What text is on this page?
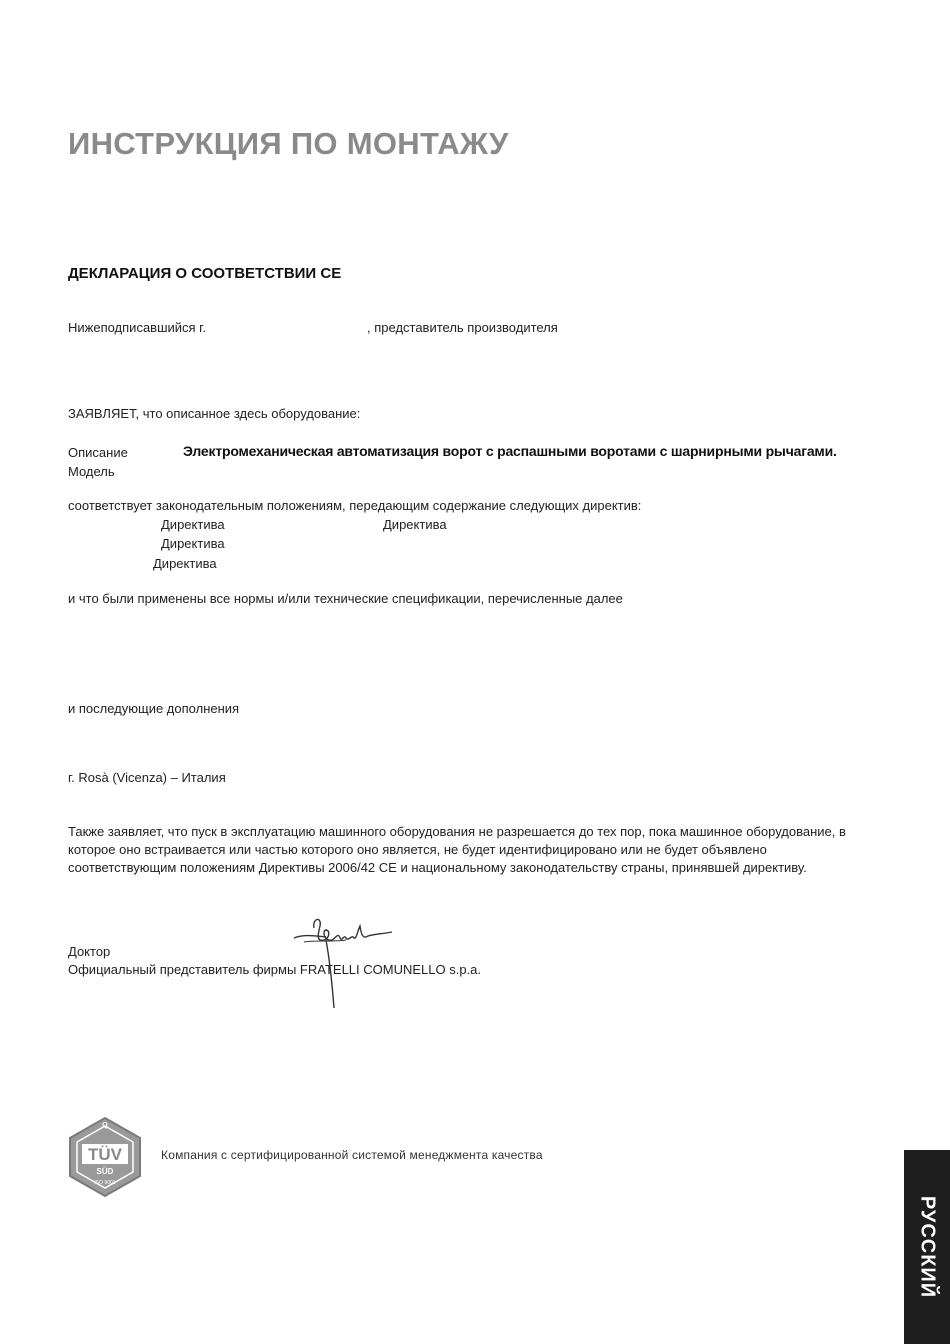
ИНСТРУКЦИЯ ПО МОНТАЖУ
ДЕКЛАРАЦИЯ О СООТВЕТСТВИИ СЕ
Нижеподписавшийся г.	, представитель производителя
ЗАЯВЛЯЕТ, что описанное здесь оборудование:
Описание	Электромеханическая автоматизация ворот с распашными воротами с шарнирными рычагами.
Модель
соответствует законодательным положениям, передающим содержание следующих директив:
Директива	Директива
Директива
Директива
и что были применены все нормы и/или технические спецификации, перечисленные далее
и последующие дополнения
г. Rosà (Vicenza) – Италия
Также заявляет, что пуск в эксплуатацию машинного оборудования не разрешается до тех пор, пока машинное оборудование, в которое оно встраивается или частью которого оно является, не будет идентифицировано или не будет объявлено соответствующим положениям Директивы 2006/42 СЕ и национальному законодательству страны, принявшей директиву.
Доктор
Официальный представитель фирмы FRATELLI COMUNELLO s.p.a.
TÜV
SÜD
ISO 9001
Q
Компания с сертифицированной системой менеджмента качества
РУССКИЙ
